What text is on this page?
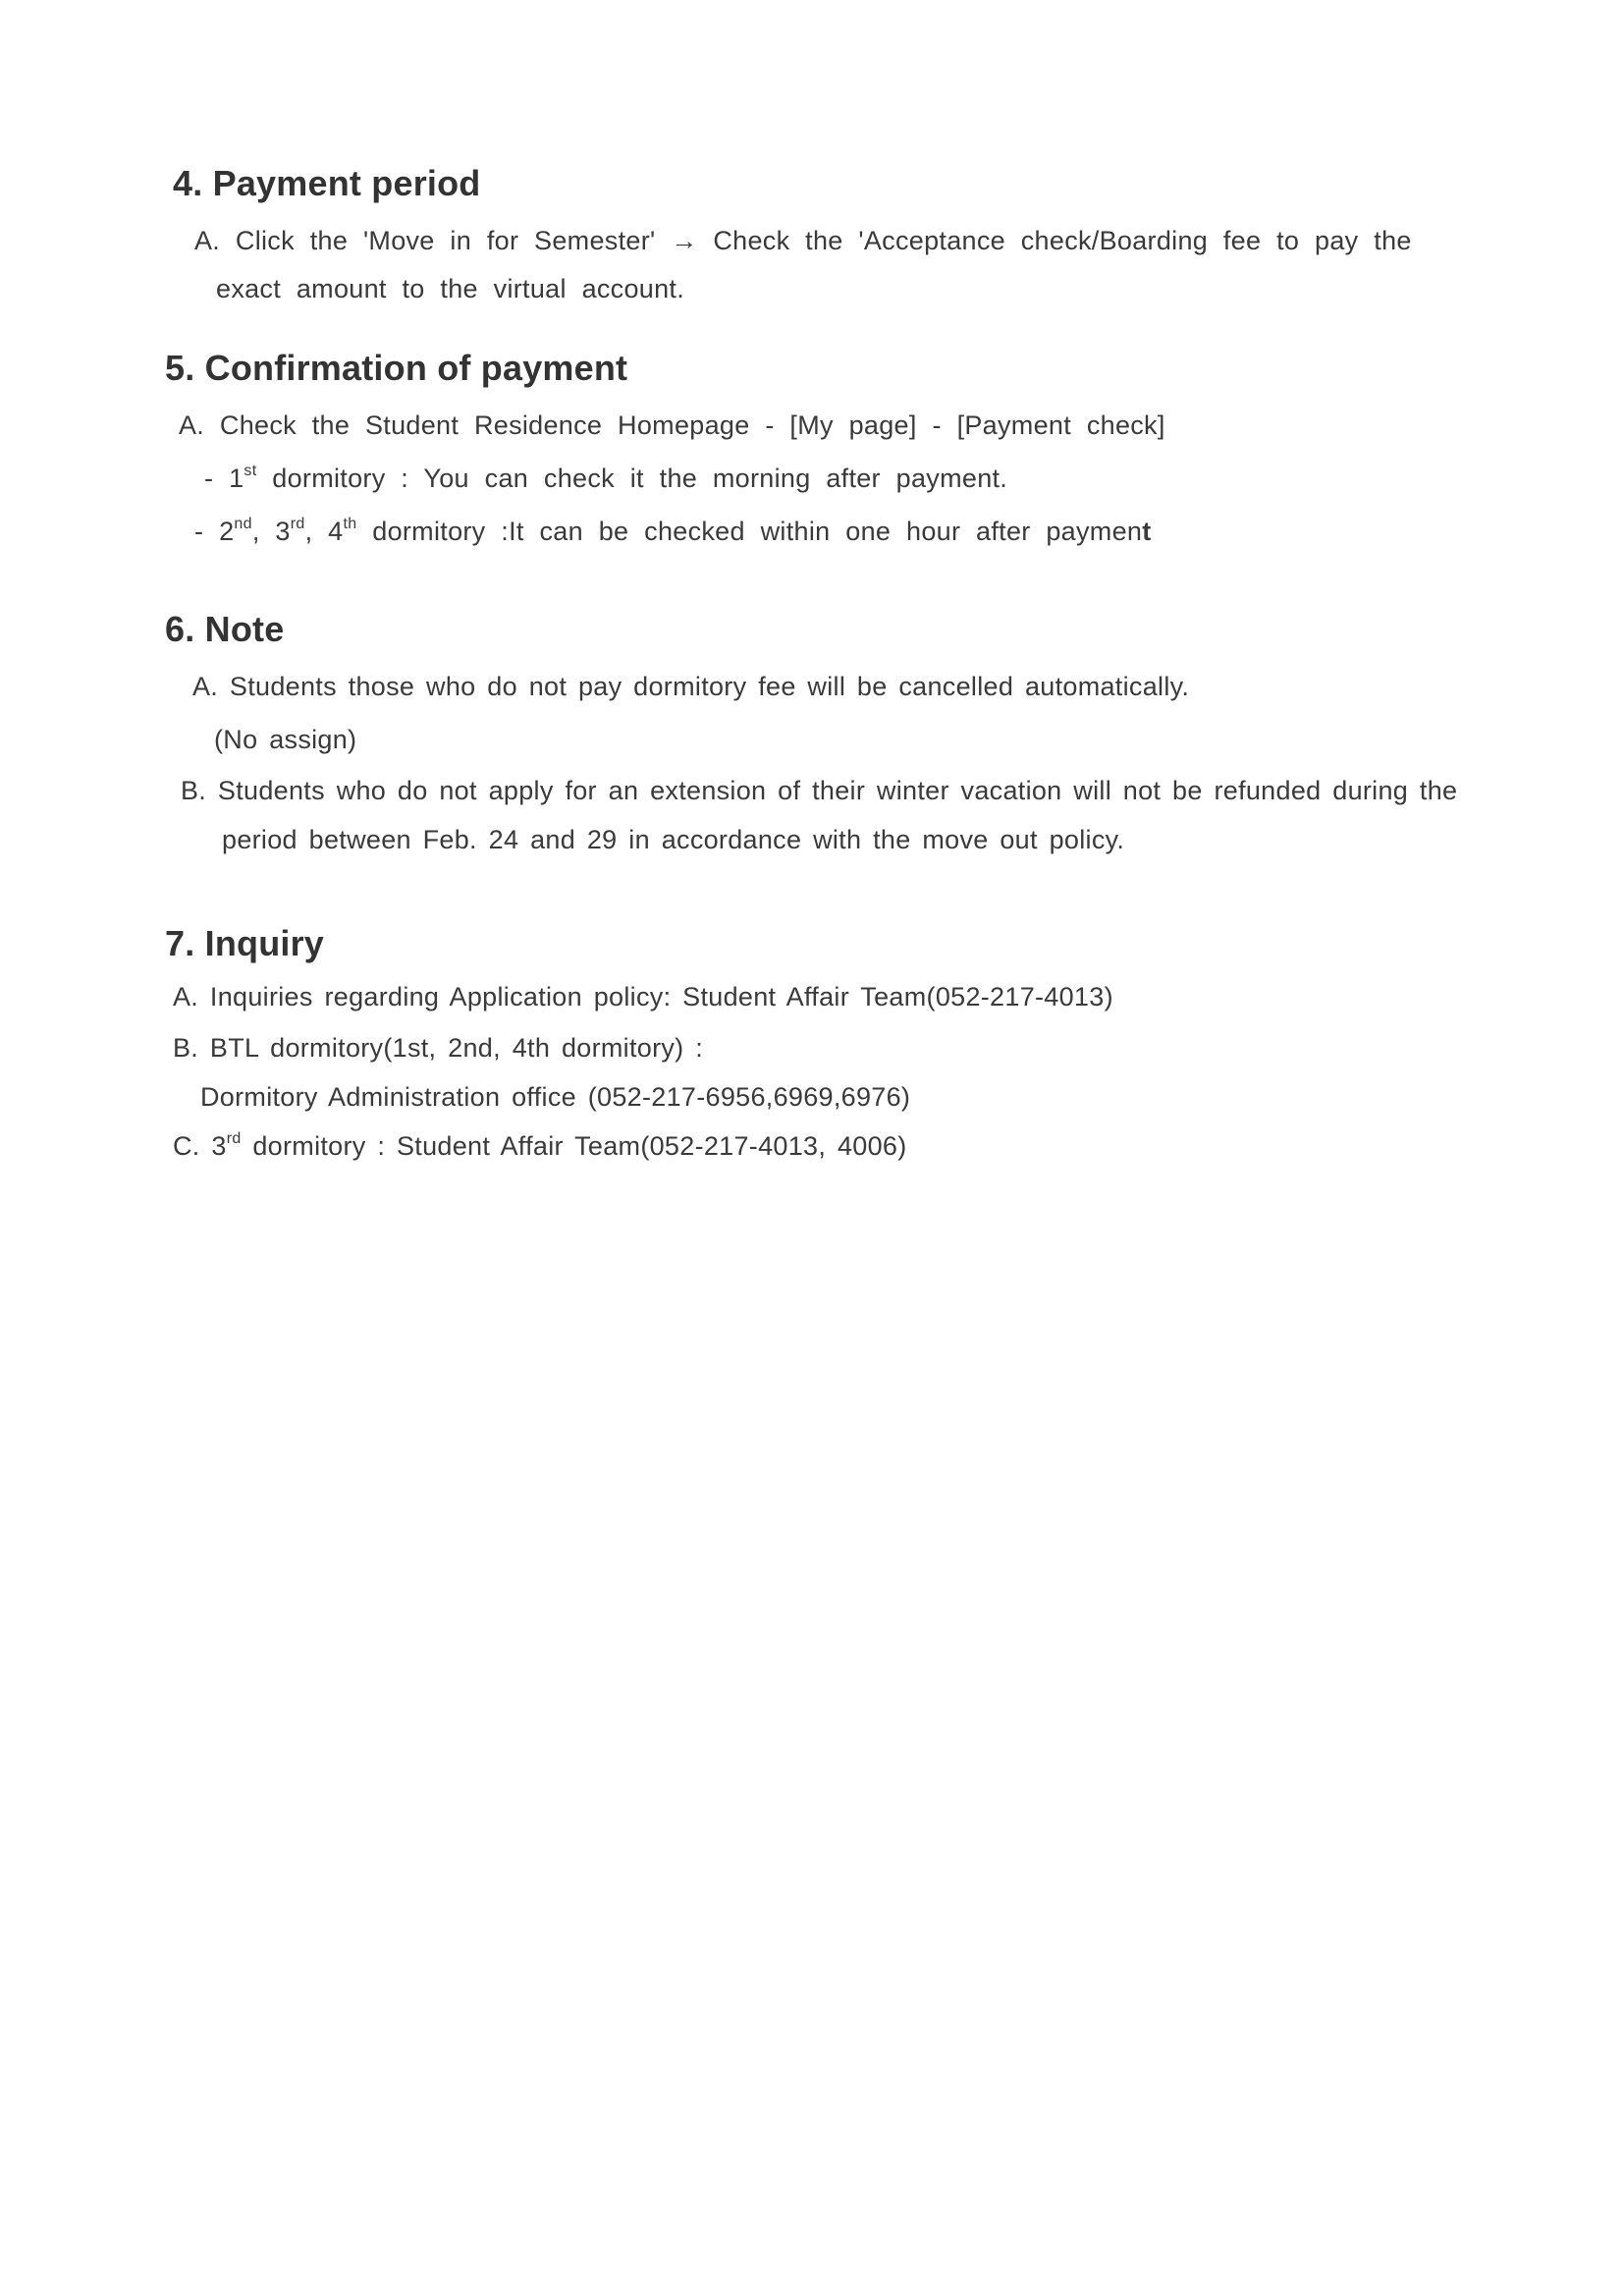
4. Payment period
A. Click the 'Move in for Semester' → Check the 'Acceptance check/Boarding fee to pay the
exact amount to the virtual account.
5. Confirmation of payment
A. Check the Student Residence Homepage - [My page] - [Payment check]
- 1st dormitory : You can check it the morning after payment.
- 2nd, 3rd, 4th dormitory :It can be checked within one hour after payment
6. Note
A. Students those who do not pay dormitory fee will be cancelled automatically.
(No assign)
B. Students who do not apply for an extension of their winter vacation will not be refunded during the
period between Feb. 24 and 29 in accordance with the move out policy.
7. Inquiry
A. Inquiries regarding Application policy: Student Affair Team(052-217-4013)
B. BTL dormitory(1st, 2nd, 4th dormitory) :
Dormitory Administration office (052-217-6956,6969,6976)
C. 3rd dormitory : Student Affair Team(052-217-4013, 4006)
